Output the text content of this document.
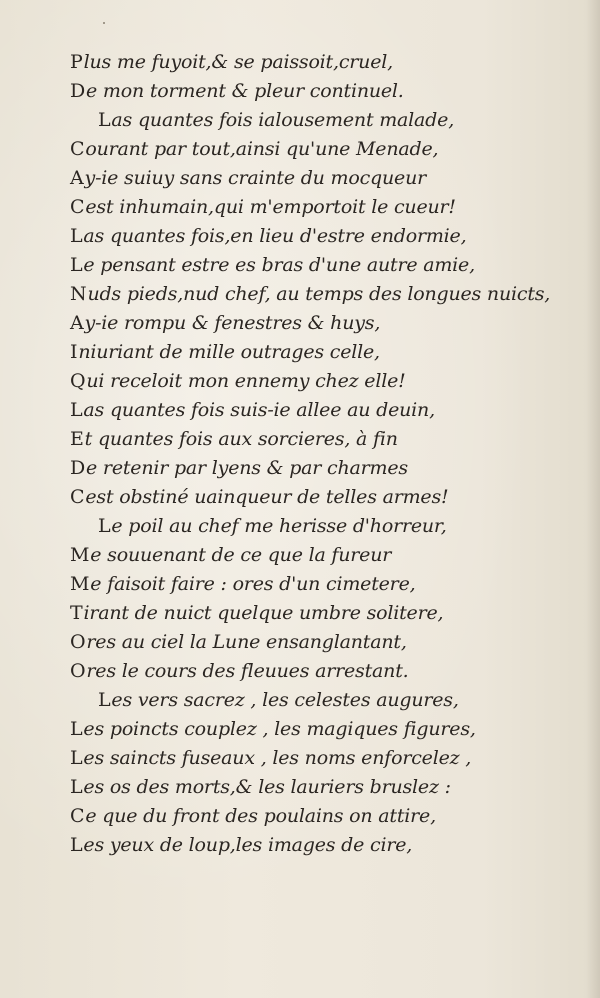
Plus me fuyoit,& se paissoit,cruel,
De mon torment & pleur continuel.
Las quantes fois ialousement malade,
Courant par tout,ainsi qu'une Menade,
Ay-ie suiuy sans crainte du mocqueur
Cest inhumain,qui m'emportoit le cueur!
Las quantes fois,en lieu d'estre endormie,
Le pensant estre es bras d'une autre amie,
Nuds pieds,nud chef, au temps des longues nuicts,
Ay-ie rompu & fenestres & huys,
Iniuriant de mille outrages celle,
Qui receloit mon ennemy chez elle!
Las quantes fois suis-ie allee au deuin,
Et quantes fois aux sorcieres, à fin
De retenir par lyens & par charmes
Cest obstiné uainqueur de telles armes!
Le poil au chef me herisse d'horreur,
Me souuenant de ce que la fureur
Me faisoit faire : ores d'un cimetere,
Tirant de nuict quelque umbre solitere,
Ores au ciel la Lune ensanglantant,
Ores le cours des fleuues arrestant.
Les vers sacrez , les celestes augures,
Les poincts couplez , les magiques figures,
Les saincts fuseaux , les noms enforcelez ,
Les os des morts,& les lauriers bruslez :
Ce que du front des poulains on attire,
Les yeux de loup,les images de cire,
